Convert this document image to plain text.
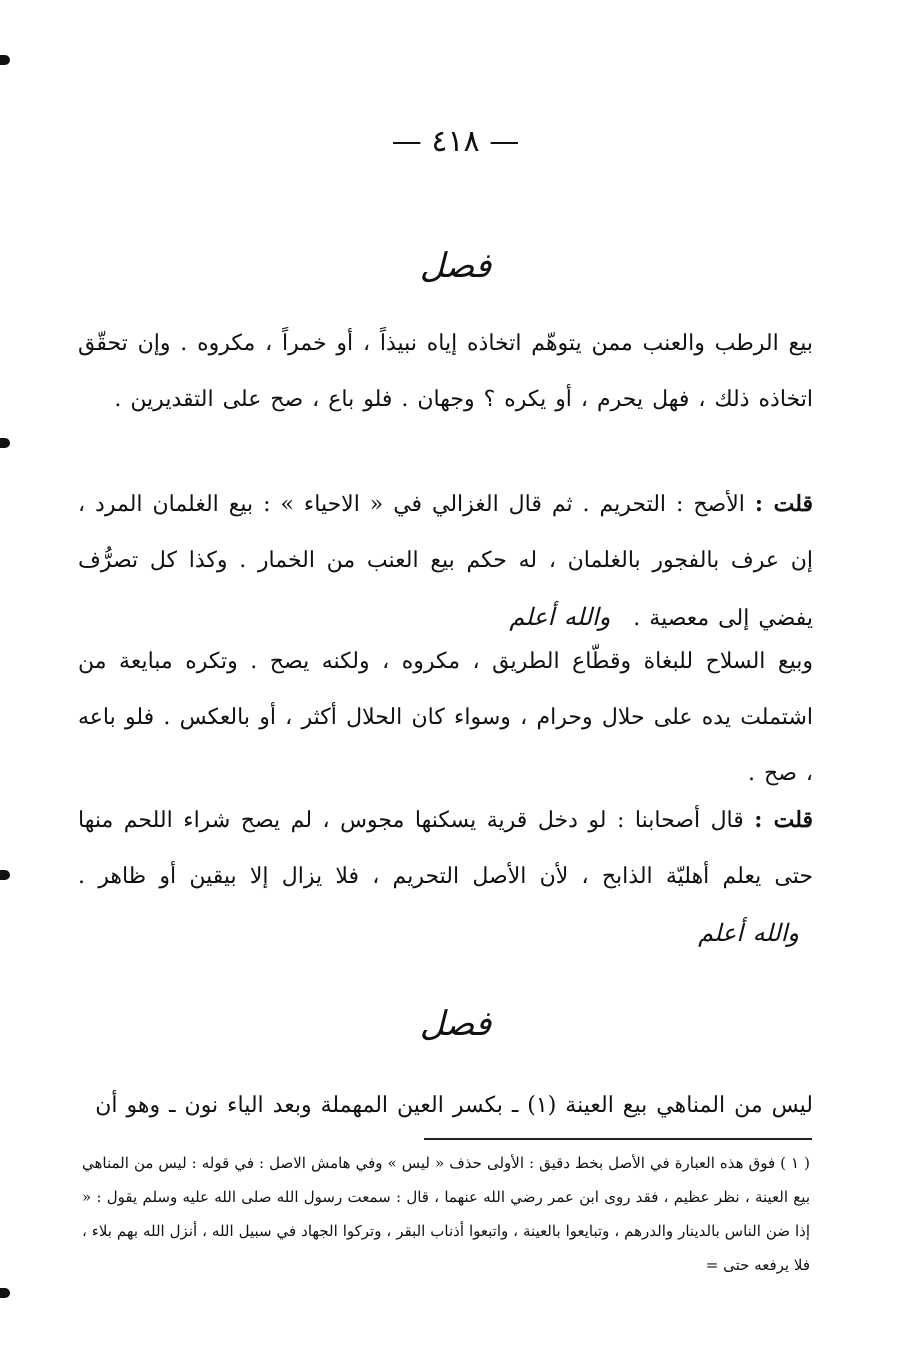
— ٤١٨ —
فصل

بيع الرطب والعنب ممن يتوهّم اتخاذه إياه نبيذاً ، أو خمراً ، مكروه . وإن تحقّق اتخاذه ذلك ، فهل يحرم ، أو يكره ؟ وجهان . فلو باع ، صح على التقديرين .

قلت : الأصح : التحريم . ثم قال الغزالي في « الاحياء » : بيع الغلمان المرد ، إن عرف بالفجور بالغلمان ، له حكم بيع العنب من الخمار . وكذا كل تصرُّف يفضي إلى معصية . والله أعلم

وبيع السلاح للبغاة وقطّاع الطريق ، مكروه ، ولكنه يصح . وتكره مبايعة من اشتملت يده على حلال وحرام ، وسواء كان الحلال أكثر ، أو بالعكس . فلو باعه ، صح .

قلت : قال أصحابنا : لو دخل قرية يسكنها مجوس ، لم يصح شراء اللحم منها حتى يعلم أهليّة الذابح ، لأن الأصل التحريم ، فلا يزال إلا بيقين أو ظاهر . والله أعلم

فصل

ليس من المناهي بيع العينة (١) ـ بكسر العين المهملة وبعد الياء نون ـ وهو أن

( ١ ) فوق هذه العبارة في الأصل بخط دقيق : الأولى حذف « ليس » وفي هامش الاصل : في قوله : ليس من المناهي بيع العينة ، نظر عظيم ، فقد روى ابن عمر رضي الله عنهما ، قال : سمعت رسول الله صلى الله عليه وسلم يقول : « إذا ضن الناس بالدينار والدرهم ، وتبايعوا بالعينة ، واتبعوا أذناب البقر ، وتركوا الجهاد في سبيل الله ، أنزل الله بهم بلاء ، فلا يرفعه حتى =
